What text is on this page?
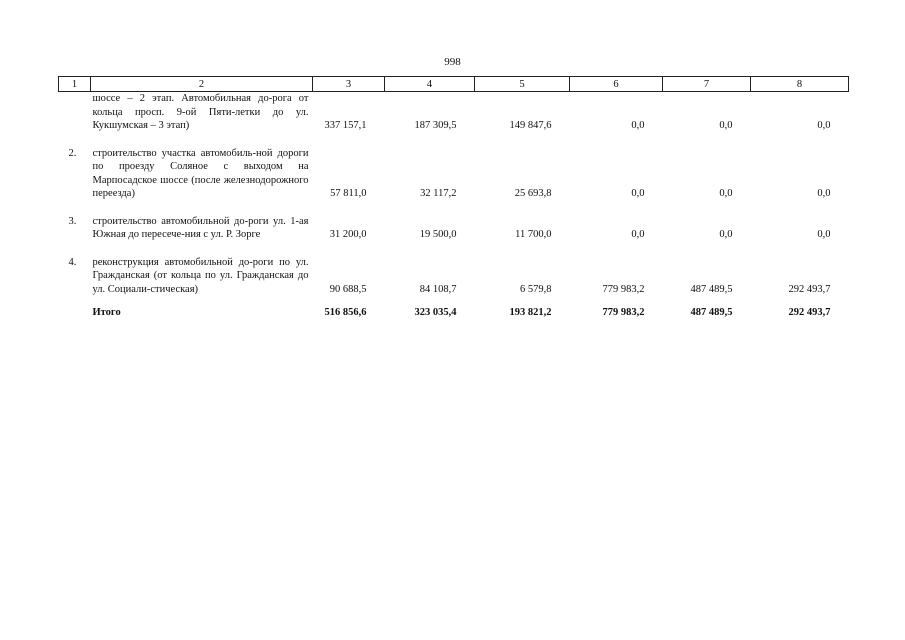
998
1	2	3	4	5	6	7	8
	шоссе – 2 этап. Автомобильная до-рога от кольца просп. 9-ой Пяти-летки до ул. Кукшумская – 3 этап)	337 157,1	187 309,5	149 847,6	0,0	0,0	0,0

2.	строительство участка автомобиль-ной дороги по проезду Соляное с выходом на Марпосадское шоссе (после железнодорожного переезда)	57 811,0	32 117,2	25 693,8	0,0	0,0	0,0

3.	строительство автомобильной до-роги ул. 1-ая Южная до пересече-ния с ул. Р. Зорге	31 200,0	19 500,0	11 700,0	0,0	0,0	0,0

4.	реконструкция автомобильной до-роги по ул. Гражданская (от кольца по ул. Гражданская до ул. Социали-стическая)	90 688,5	84 108,7	6 579,8	779 983,2	487 489,5	292 493,7

	Итого	516 856,6	323 035,4	193 821,2	779 983,2	487 489,5	292 493,7
